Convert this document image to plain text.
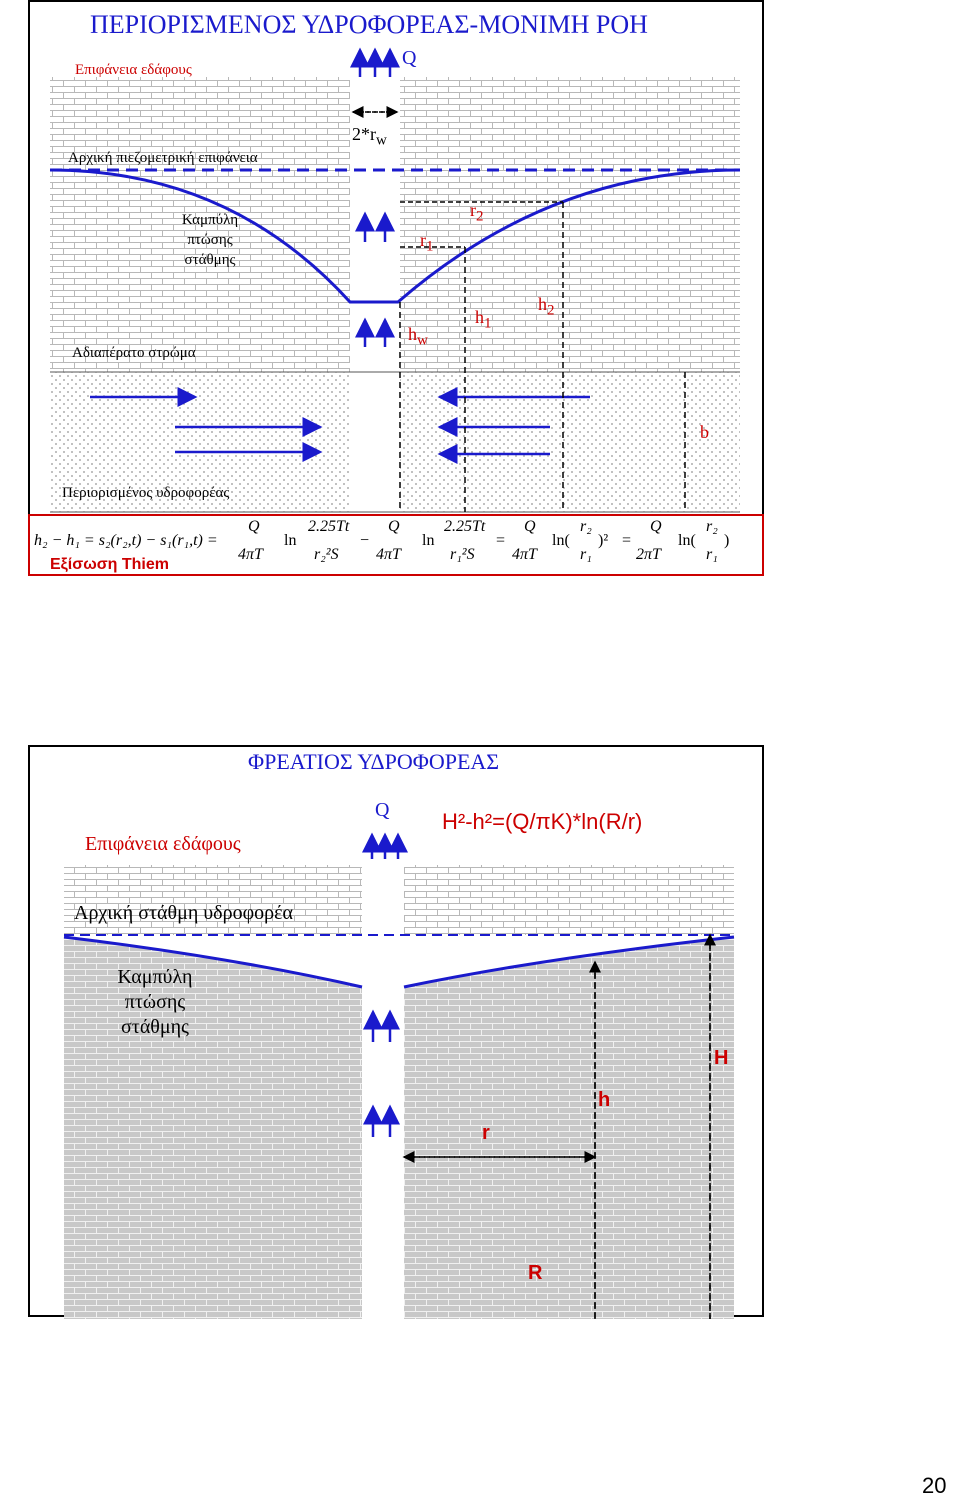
ΠΕΡΙΟΡΙΣΜΕΝΟΣ ΥΔΡΟΦΟΡΕΑΣ-ΜΟΝΙΜΗ ΡΟΗ
Επιφάνεια εδάφους
Q
$2*r_w$
Αρχική πιεζομετρική επιφάνεια
Καμπύλη
πτώσης
στάθμης
$r_1$
$r_2$
Αδιαπέρατο στρώμα
$h_w$
$h_1$
$h_2$
b
Περιορισμένος υδροφορέας
h₂ − h₁ = s₂(r₂,t) − s₁(r₁,t) =
Q
4πT
ln
2.25Tt
r₂²S
−
Q
4πT
ln
2.25Tt
r₁²S
=
Q
4πT
ln(
r₂
r₁
)² =
Q
2πT
ln(
r₂
r₁
)
Εξίσωση Thiem
ΦΡΕΑΤΙΟΣ ΥΔΡΟΦΟΡΕΑΣ
Q H²-h²=(Q/πK)*ln(R/r)
Επιφάνεια εδάφους
Αρχική στάθμη υδροφορέα
Καμπύλη
πτώσης
στάθμης
H
h
r
R
20
